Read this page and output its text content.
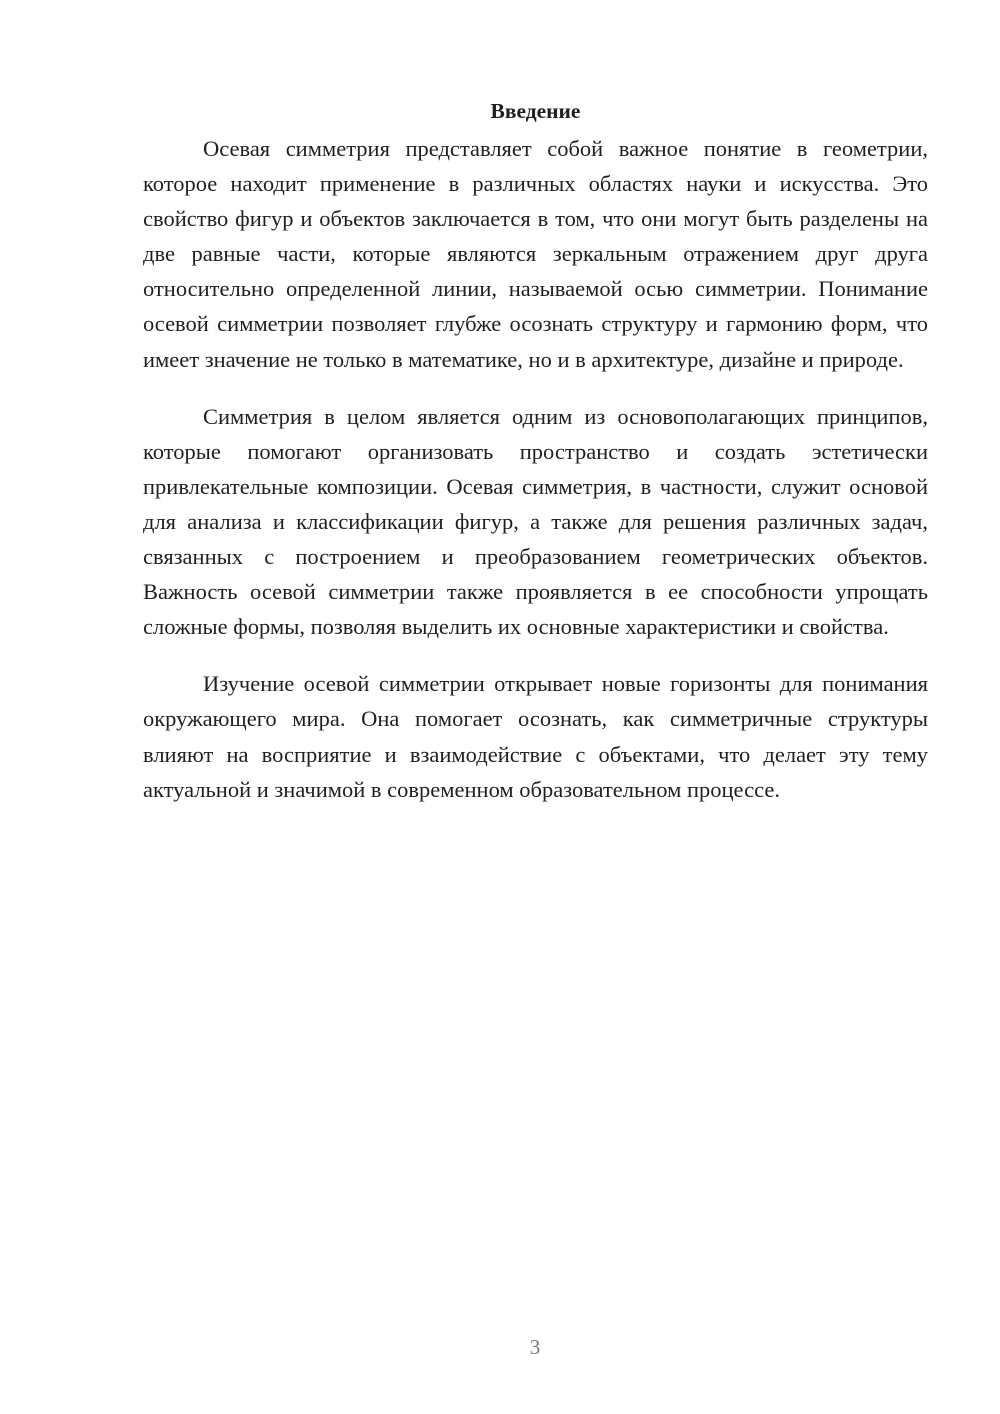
Введение

Осевая симметрия представляет собой важное понятие в геометрии, которое находит применение в различных областях науки и искусства. Это свойство фигур и объектов заключается в том, что они могут быть разделены на две равные части, которые являются зеркальным отражением друг друга относительно определенной линии, называемой осью симметрии. Понимание осевой симметрии позволяет глубже осознать структуру и гармонию форм, что имеет значение не только в математике, но и в архитектуре, дизайне и природе.

Симметрия в целом является одним из основополагающих принципов, которые помогают организовать пространство и создать эстетически привлекательные композиции. Осевая симметрия, в частности, служит основой для анализа и классификации фигур, а также для решения различных задач, связанных с построением и преобразованием геометрических объектов. Важность осевой симметрии также проявляется в ее способности упрощать сложные формы, позволяя выделить их основные характеристики и свойства.

Изучение осевой симметрии открывает новые горизонты для понимания окружающего мира. Она помогает осознать, как симметричные структуры влияют на восприятие и взаимодействие с объектами, что делает эту тему актуальной и значимой в современном образовательном процессе.

3
